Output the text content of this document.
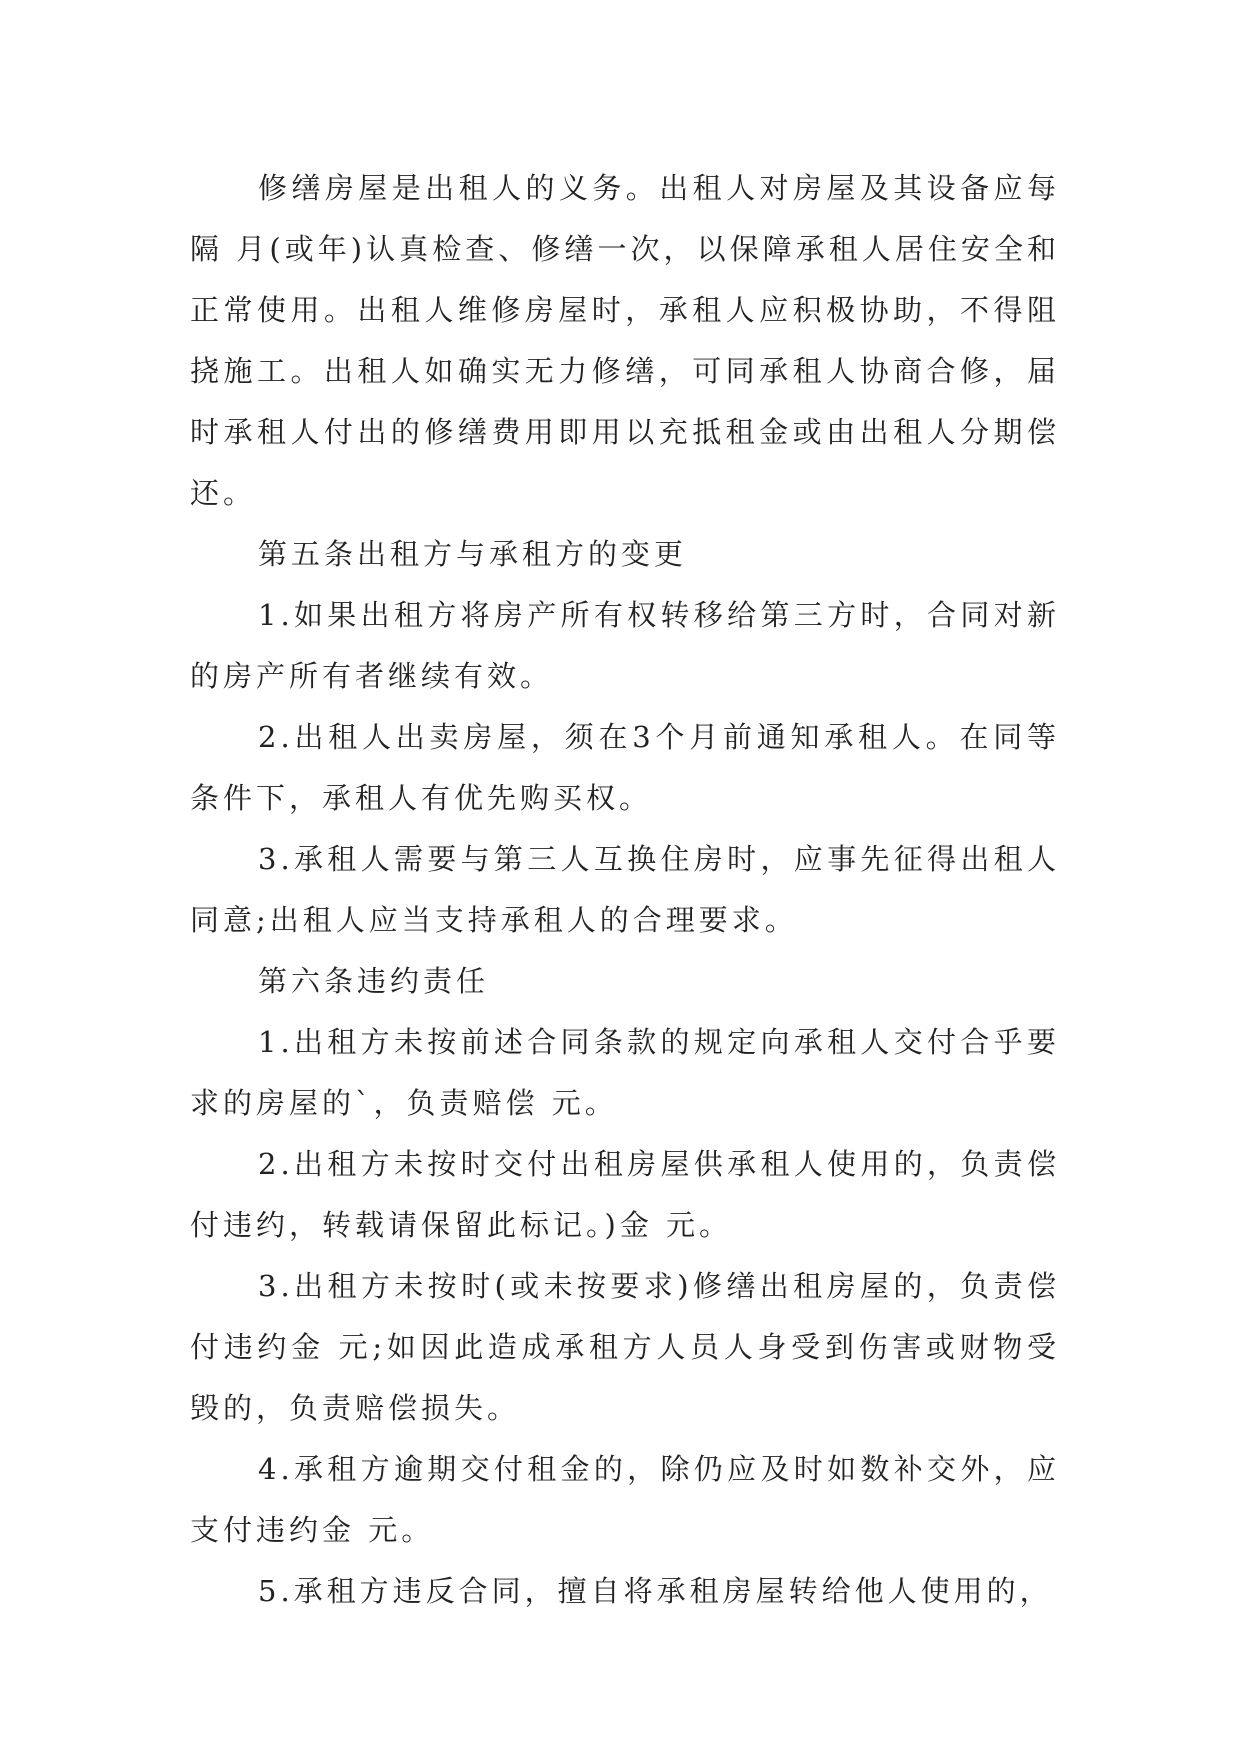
修缮房屋是出租人的义务。出租人对房屋及其设备应每隔 月(或年)认真检查、修缮一次，以保障承租人居住安全和正常使用。出租人维修房屋时，承租人应积极协助，不得阻挠施工。出租人如确实无力修缮，可同承租人协商合修，届时承租人付出的修缮费用即用以充抵租金或由出租人分期偿还。

第五条出租方与承租方的变更

1.如果出租方将房产所有权转移给第三方时，合同对新的房产所有者继续有效。

2.出租人出卖房屋，须在3个月前通知承租人。在同等条件下，承租人有优先购买权。

3.承租人需要与第三人互换住房时，应事先征得出租人同意;出租人应当支持承租人的合理要求。

第六条违约责任

1.出租方未按前述合同条款的规定向承租人交付合乎要求的房屋的`，负责赔偿 元。

2.出租方未按时交付出租房屋供承租人使用的，负责偿付违约，转载请保留此标记。)金 元。

3.出租方未按时(或未按要求)修缮出租房屋的，负责偿付违约金 元;如因此造成承租方人员人身受到伤害或财物受毁的，负责赔偿损失。

4.承租方逾期交付租金的，除仍应及时如数补交外，应支付违约金 元。

5.承租方违反合同，擅自将承租房屋转给他人使用的，
